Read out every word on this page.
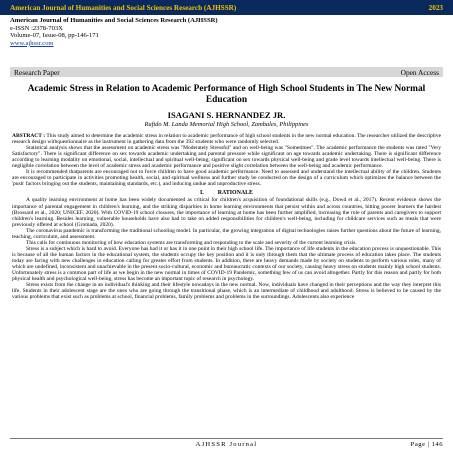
American Journal of Humanities and Social Sciences Research (AJHSSR)	2023
American Journal of Humanities and Social Sciences Research (AJHSSR)
e-ISSN :2378-703X
Volume-07, Issue-08, pp-146-171
www.ajhssr.com
Research Paper	Open Access
Academic Stress in Relation to Academic Performance of High School Students in The New Normal Education
ISAGANI S. HERNANDEZ JR.
Rufido M. Landa Memorial High School, Zambales, Philippines

ABSTRACT : This study aimed to determine the academic stress in relation to academic performance of high school students in the new normal education. The researcher utilized the descriptive research design withquestionnaire as the instrument in gathering data from the 392 students who were randomly selected.

Statistical analysis shows that the assessment on academic stress was "Moderately Stressful" and on well-being was "Sometimes". The academic performance the students was rated "Very Satisfactory". There is significant difference on sex towards academic undertaking and parental pressure while significant on age towards academic undertaking. There is significant difference according to learning modality on emotional, social, intellectual and spiritual well-being; significant on sex towards physical well-being and grade level towards intellectual well-being. There is negligible correlation between the level of academic stress and academic performance and positive slight correlation between the well-being and academic performance.

It is recommended thatparents are encouraged not to force children to have good academic performance. Need to assessed and understand the intellectual ability of the children. Students are encouraged to participate in activities promoting health, social, and spiritual wellness and further study be conducted on the design of a curriculum which optimizes the balance between the 'push' factors bringing out the students, maintaining standards, etc.), and inducing undue and unproductive stress.

I. RATIONALE

A quality learning environment at home has been widely documented as critical for children's acquisition of foundational skills (e.g., Dowd et al., 2017). Recent evidence shows the importance of parental engagement in children's learning, and the striking disparities in home learning environments that persist within and across countries, hitting poorer learners the hardest (Brossard et al., 2020; UNICEF, 2020). With COVID-19 school closures, the importance of learning at home has been further amplified, increasing the role of parents and caregivers to support children's learning. Besides learning, vulnerable households have also had to take on added responsibilities for children's well-being, including for childcare services such as meals that were previously offered at school (Gromada, 2020).

The coronavirus pandemic is transforming the traditional schooling model. In particular, the growing integration of digital technologies raises further questions about the future of learning, teaching, curriculum, and assessment.

This calls for continuous monitoring of how education systems are transforming and responding to the scale and severity of the current learning crisis.

Stress is a subject which is hard to avoid. Everyone has had it or has it in one point in their high school life. The importance of life students in the education process is unquestionable. This is because of all the human factors in the educational system, the students occupy the key position and it is only through them that the ultimate process of education takes place. The students today are facing with new challenges in education calling for greater effort from students. In addition, there are heavy demands made by society on students to perform various roles, many of which are undefined, inconsistent and unachievable in the present socio-cultural, economic and bureaucratic contexts of our society, causing heavy stress on students mainly high school students. Unfortunately stress is a common part of life as we begin in the new normal in times of COVID-19 Pandemic, something few of us can avoid altogether. Partly for this reason and partly for both physical health and psychological well-being, stress has become an important topic of research in psychology.

Stress exists from the change in an individual's thinking and their lifestyle nowadays in the new normal. Now, individuals have changed in their perceptions and the way they interpret this life. Students in their adolescent stage are the ones who are going through the transitional phase, which is an intermediate of childhood and adulthood. Stress is believed to be caused by the various problems that exist such as problems at school, financial problems, family problems and problems in the surroundings. Adolescents also experience

AJHSSR Journal	Page | 146
